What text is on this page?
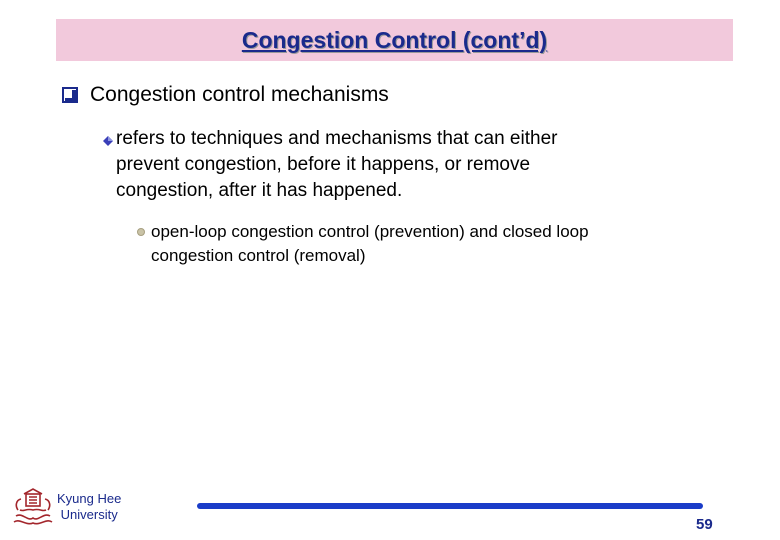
Congestion Control (cont’d)
Congestion control mechanisms
refers to techniques and mechanisms that can either
prevent congestion, before it happens, or remove
congestion, after it has happened.
open-loop congestion control (prevention) and closed loop
congestion control (removal)
Kyung Hee
University
59
